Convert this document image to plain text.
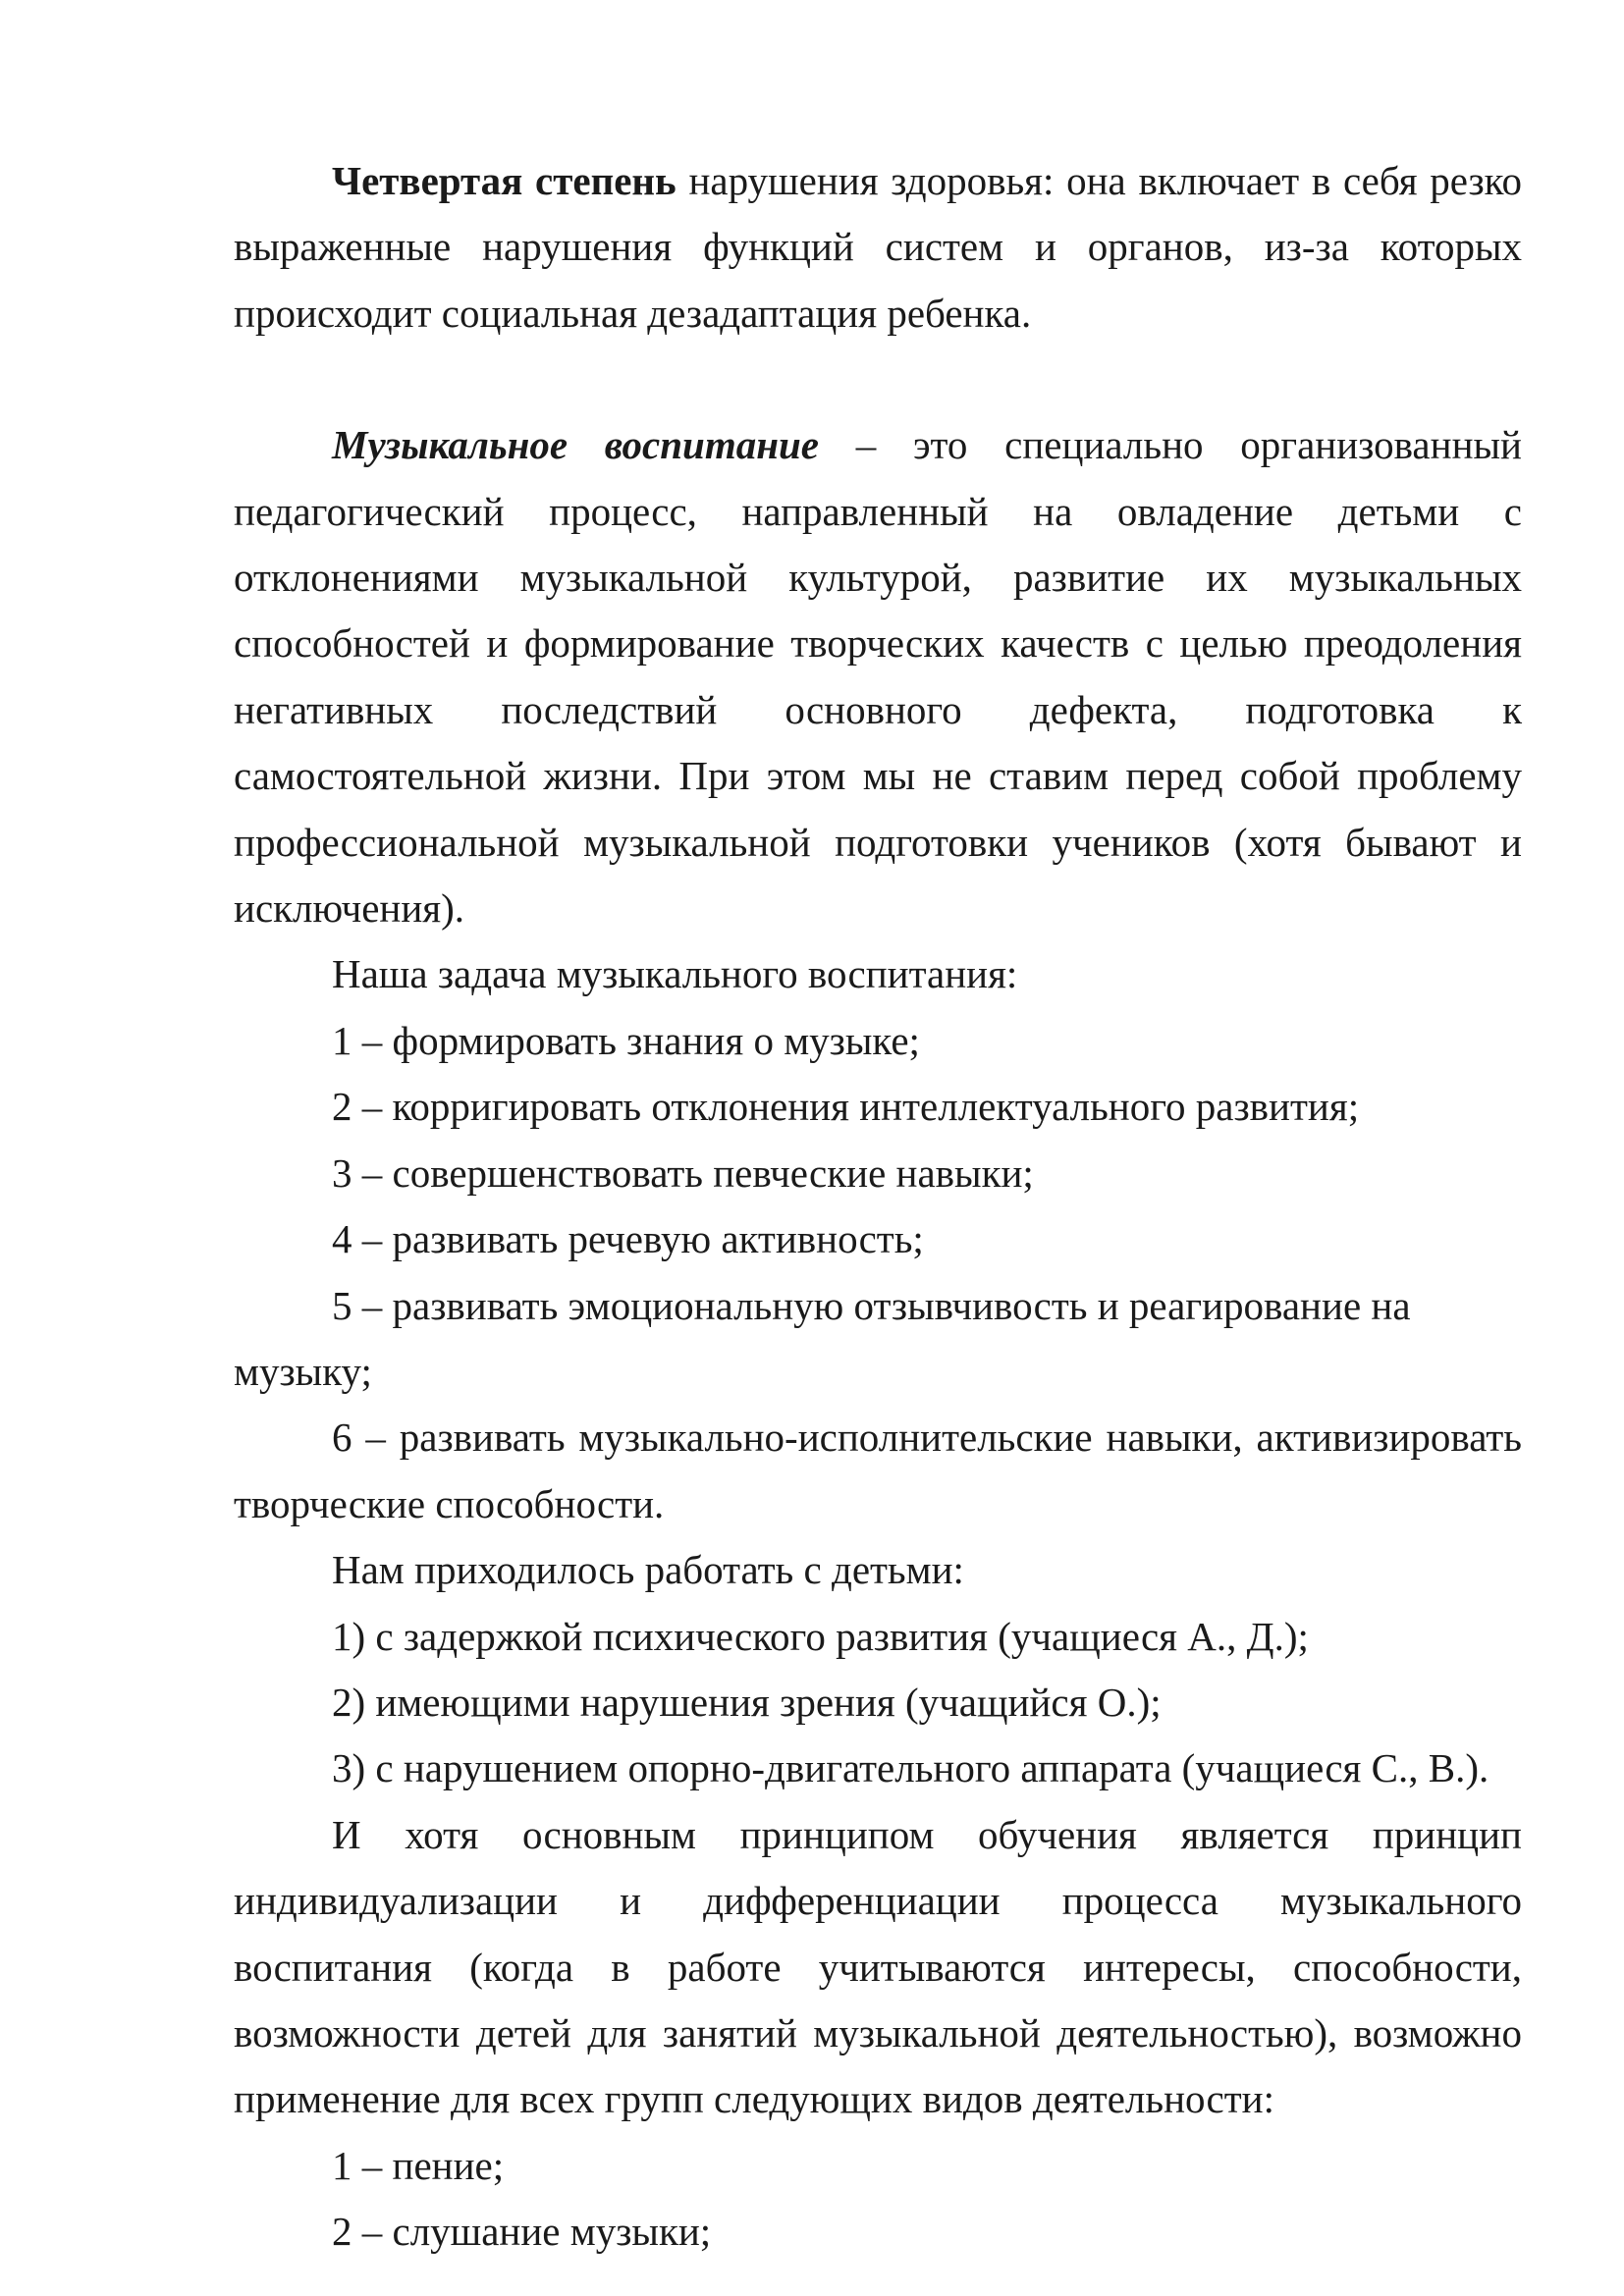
Четвертая степень нарушения здоровья: она включает в себя резко выраженные нарушения функций систем и органов, из-за которых происходит социальная дезадаптация ребенка.

Музыкальное воспитание – это специально организованный педагогический процесс, направленный на овладение детьми с отклонениями музыкальной культурой, развитие их музыкальных способностей и формирование творческих качеств с целью преодоления негативных последствий основного дефекта, подготовка к самостоятельной жизни. При этом мы не ставим перед собой проблему профессиональной музыкальной подготовки учеников (хотя бывают и исключения).

Наша задача музыкального воспитания:

1 – формировать знания о музыке;

2 – корригировать отклонения интеллектуального развития;

3 – совершенствовать певческие навыки;

4 – развивать речевую активность;

5 – развивать эмоциональную отзывчивость и реагирование на музыку;

6 – развивать музыкально-исполнительские навыки, активизировать творческие способности.

Нам приходилось работать с детьми:

1) с задержкой психического развития (учащиеся А., Д.);

2) имеющими нарушения зрения (учащийся О.);

3) с нарушением опорно-двигательного аппарата (учащиеся С., В.).

И хотя основным принципом обучения является принцип индивидуализации и дифференциации процесса музыкального воспитания (когда в работе учитываются интересы, способности, возможности детей для занятий музыкальной деятельностью), возможно применение для всех групп следующих видов деятельности:

1 – пение;

2 – слушание музыки;
